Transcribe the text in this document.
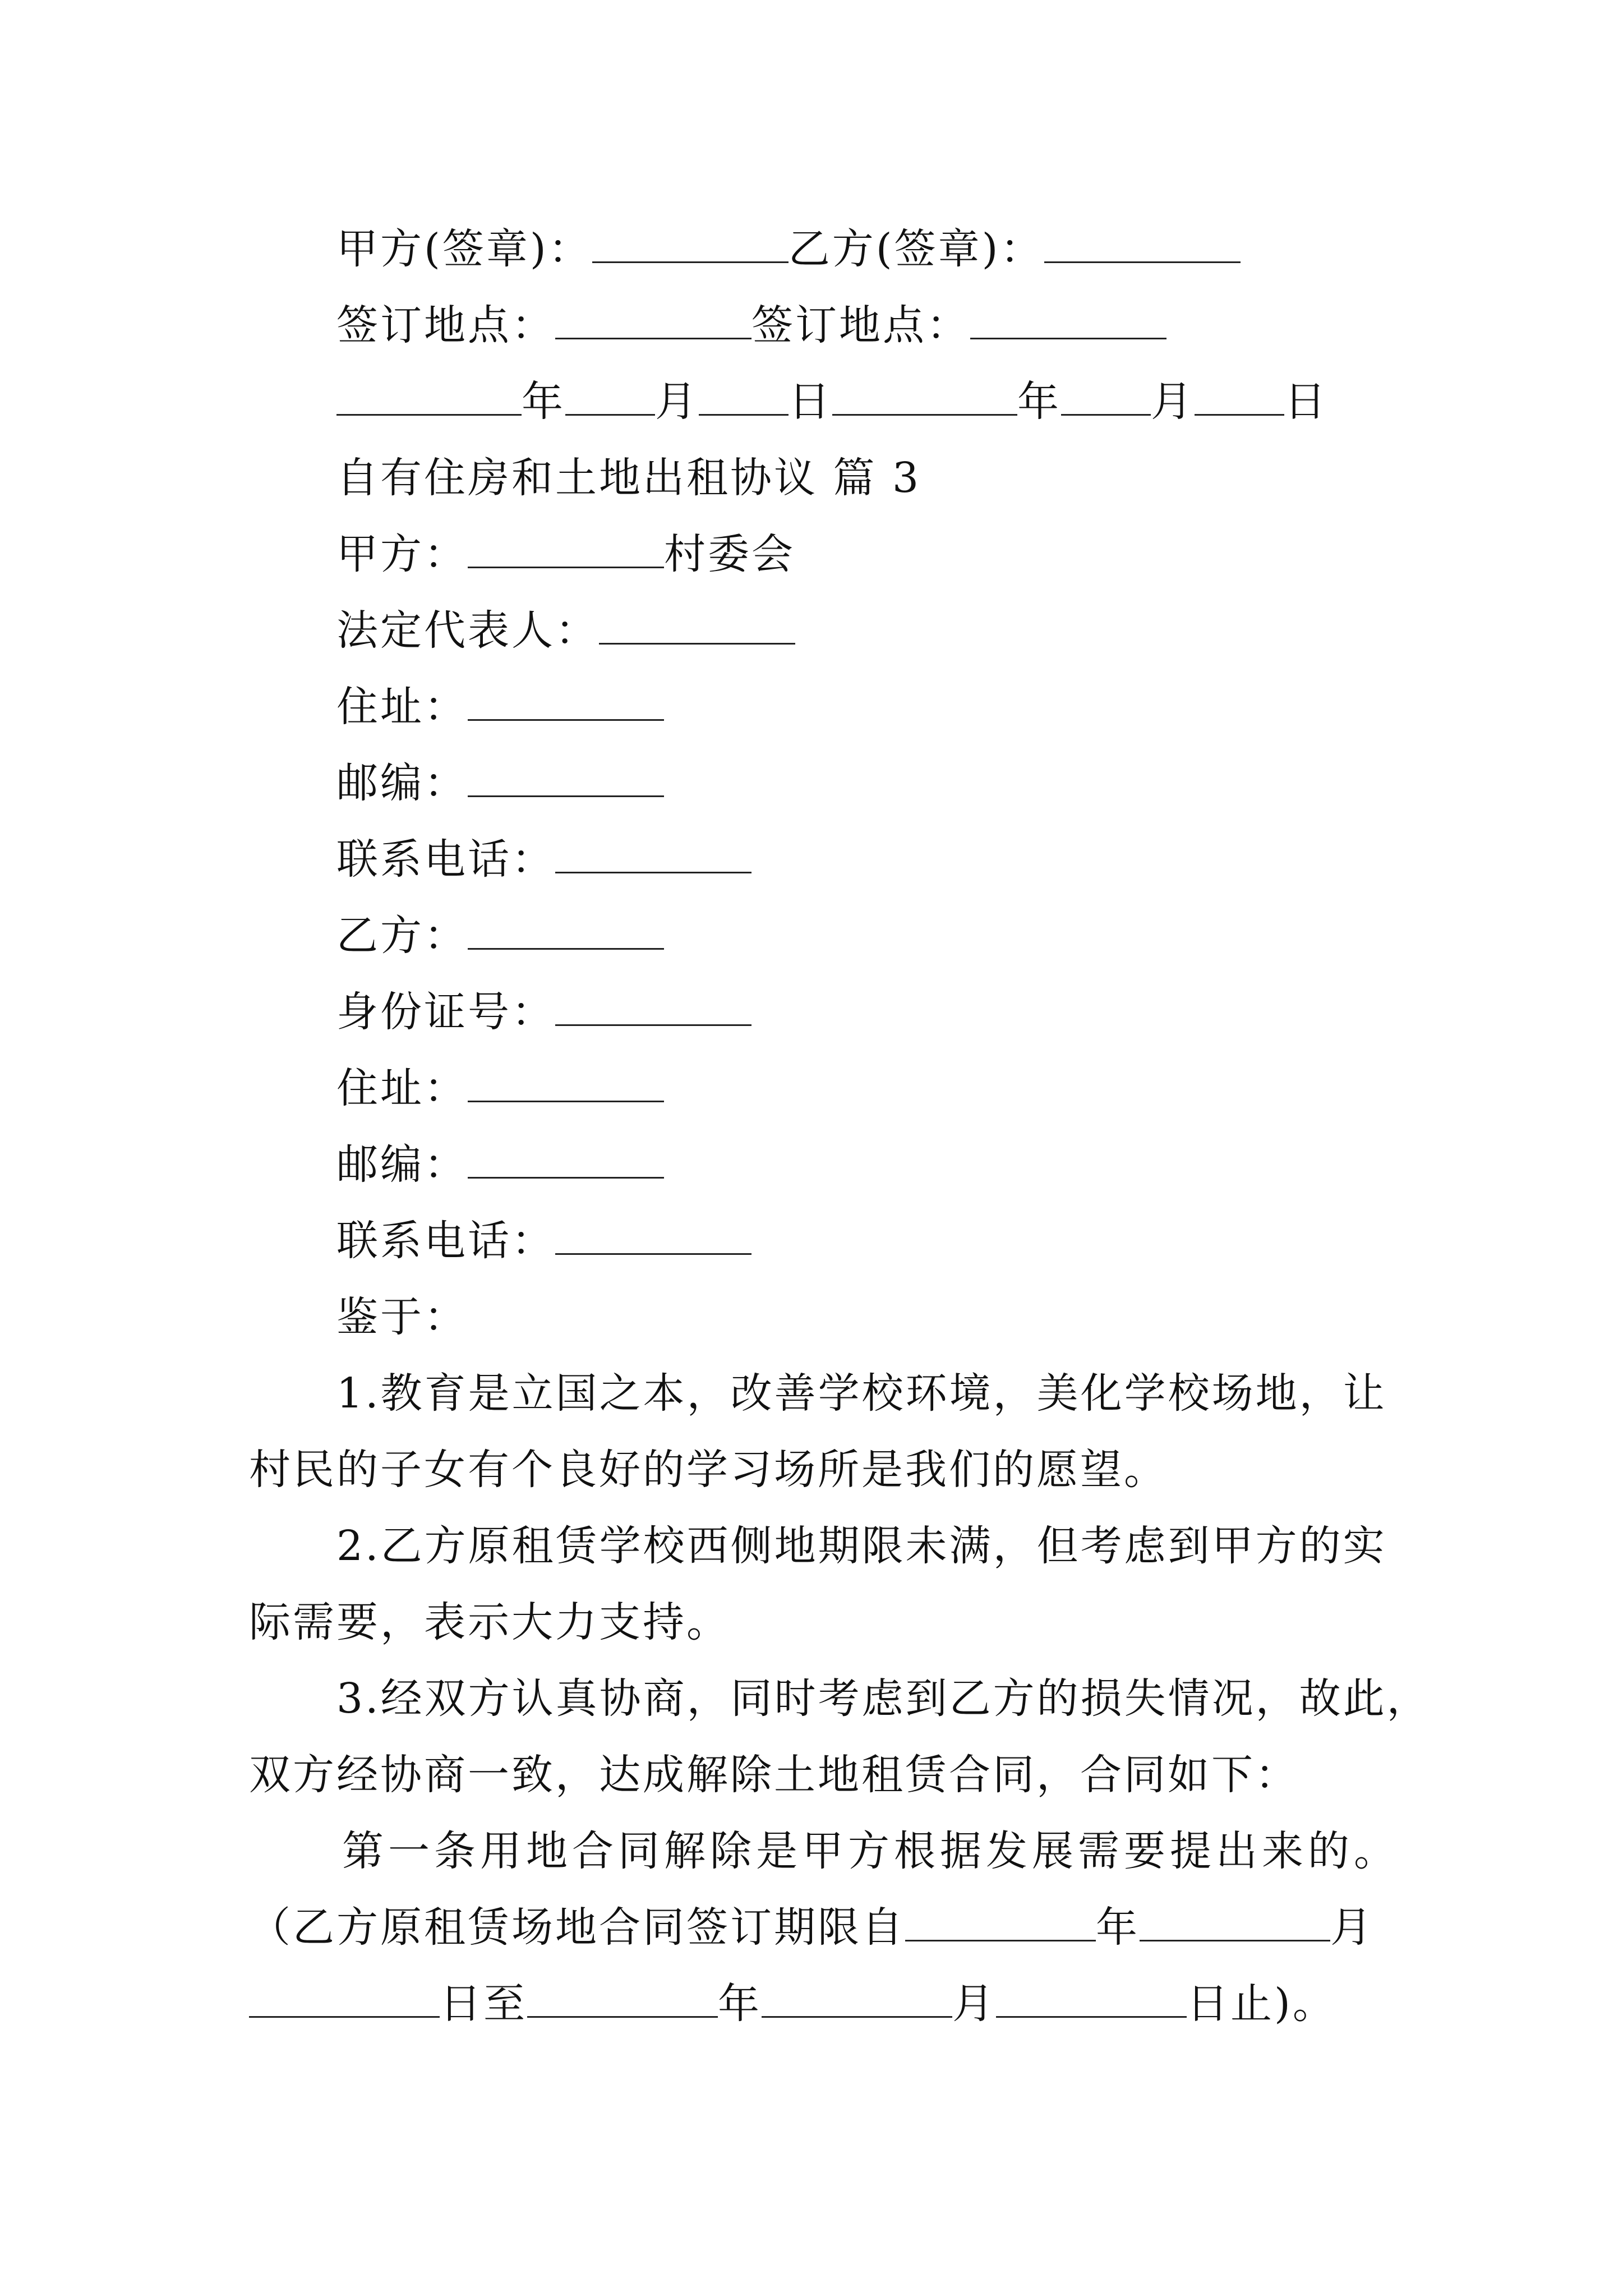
甲方(签章)：	乙方(签章)：
签订地点：	签订地点：
年 月 日	年 月 日
自有住房和土地出租协议 篇 3
甲方：	村委会
法定代表人：
住址：
邮编：
联系电话：
乙方：
身份证号：
住址：
邮编：
联系电话：
鉴于：
1.教育是立国之本，改善学校环境，美化学校场地，让
村民的子女有个良好的学习场所是我们的愿望。
2.乙方原租赁学校西侧地期限未满，但考虑到甲方的实
际需要，表示大力支持。
3.经双方认真协商，同时考虑到乙方的损失情况，故此，
双方经协商一致，达成解除土地租赁合同，合同如下：
第一条用地合同解除是甲方根据发展需要提出来的。
（乙方原租赁场地合同签订期限自	年	月
日至	年	月	日止)。
